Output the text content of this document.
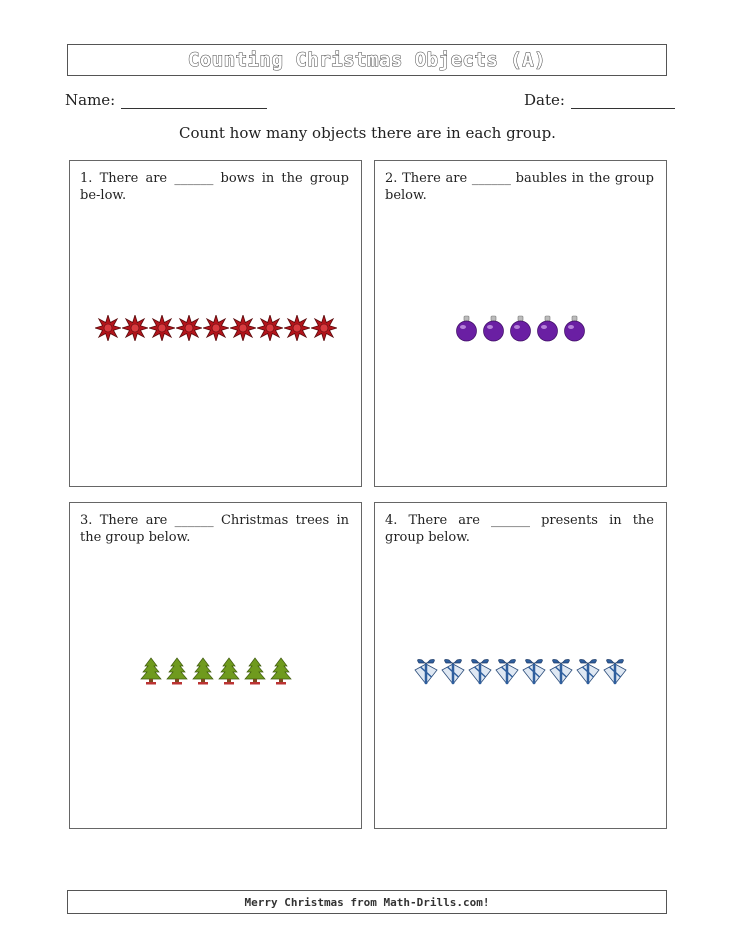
Counting Christmas Objects (A)
Name:	Date:
Count how many objects there are in each group.
1. There are ______ bows in the group be-low.
2. There are ______ baubles in the group below.
3. There are ______ Christmas trees in the group below.
4. There are ______ presents in the group below.
Merry Christmas from Math-Drills.com!
